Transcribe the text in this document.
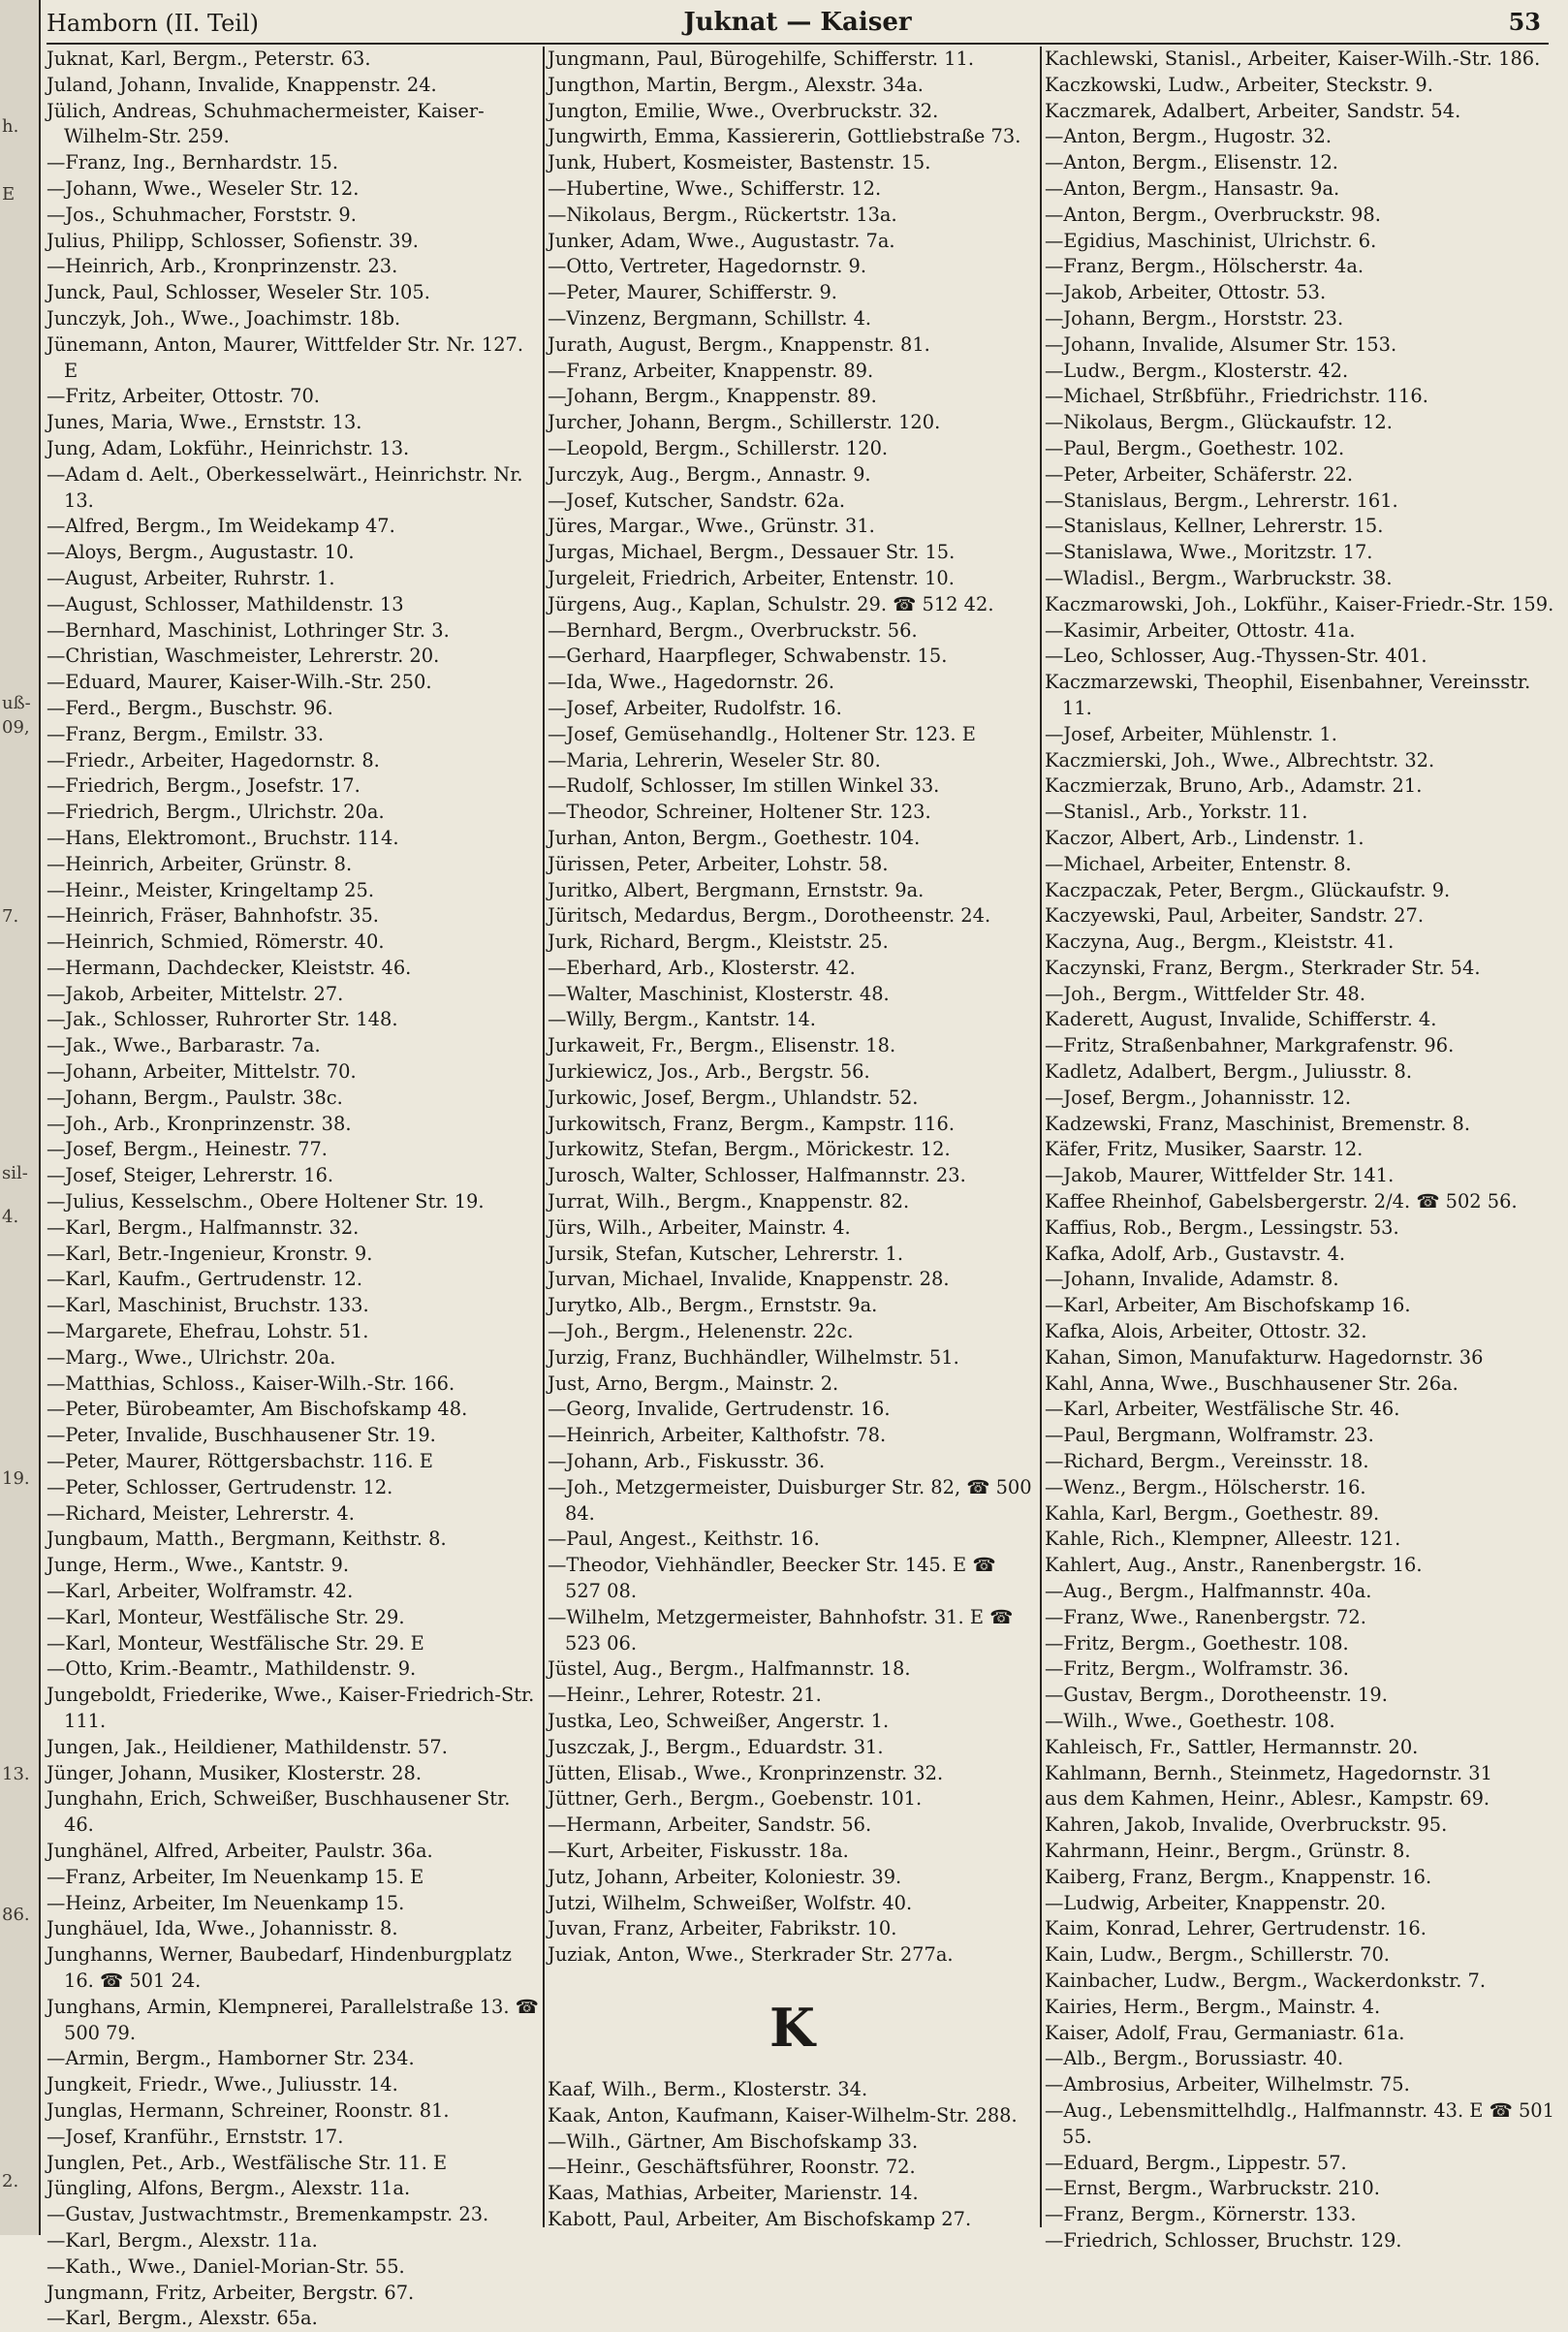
h.
E
uß-
09,
7.
sil-
4.
19.
13.
86.
2.
Hamborn (II. Teil)	Juknat — Kaiser	53
Juknat, Karl, Bergm., Peterstr. 63.
Juland, Johann, Invalide, Knappenstr. 24.
Jülich, Andreas, Schuhmachermeister, Kaiser-Wilhelm-Str. 259.
—Franz, Ing., Bernhardstr. 15.
—Johann, Wwe., Weseler Str. 12.
—Jos., Schuhmacher, Forststr. 9.
Julius, Philipp, Schlosser, Sofienstr. 39.
—Heinrich, Arb., Kronprinzenstr. 23.
Junck, Paul, Schlosser, Weseler Str. 105.
Junczyk, Joh., Wwe., Joachimstr. 18b.
Jünemann, Anton, Maurer, Wittfelder Str. Nr. 127. E
—Fritz, Arbeiter, Ottostr. 70.
Junes, Maria, Wwe., Ernststr. 13.
Jung, Adam, Lokführ., Heinrichstr. 13.
—Adam d. Aelt., Oberkesselwärt., Heinrichstr. Nr. 13.
—Alfred, Bergm., Im Weidekamp 47.
—Aloys, Bergm., Augustastr. 10.
—August, Arbeiter, Ruhrstr. 1.
—August, Schlosser, Mathildenstr. 13
—Bernhard, Maschinist, Lothringer Str. 3.
—Christian, Waschmeister, Lehrerstr. 20.
—Eduard, Maurer, Kaiser-Wilh.-Str. 250.
—Ferd., Bergm., Buschstr. 96.
—Franz, Bergm., Emilstr. 33.
—Friedr., Arbeiter, Hagedornstr. 8.
—Friedrich, Bergm., Josefstr. 17.
—Friedrich, Bergm., Ulrichstr. 20a.
—Hans, Elektromont., Bruchstr. 114.
—Heinrich, Arbeiter, Grünstr. 8.
—Heinr., Meister, Kringeltamp 25.
—Heinrich, Fräser, Bahnhofstr. 35.
—Heinrich, Schmied, Römerstr. 40.
—Hermann, Dachdecker, Kleiststr. 46.
—Jakob, Arbeiter, Mittelstr. 27.
—Jak., Schlosser, Ruhrorter Str. 148.
—Jak., Wwe., Barbarastr. 7a.
—Johann, Arbeiter, Mittelstr. 70.
—Johann, Bergm., Paulstr. 38c.
—Joh., Arb., Kronprinzenstr. 38.
—Josef, Bergm., Heinestr. 77.
—Josef, Steiger, Lehrerstr. 16.
—Julius, Kesselschm., Obere Holtener Str. 19.
—Karl, Bergm., Halfmannstr. 32.
—Karl, Betr.-Ingenieur, Kronstr. 9.
—Karl, Kaufm., Gertrudenstr. 12.
—Karl, Maschinist, Bruchstr. 133.
—Margarete, Ehefrau, Lohstr. 51.
—Marg., Wwe., Ulrichstr. 20a.
—Matthias, Schloss., Kaiser-Wilh.-Str. 166.
—Peter, Bürobeamter, Am Bischofskamp 48.
—Peter, Invalide, Buschhausener Str. 19.
—Peter, Maurer, Röttgersbachstr. 116. E
—Peter, Schlosser, Gertrudenstr. 12.
—Richard, Meister, Lehrerstr. 4.
Jungbaum, Matth., Bergmann, Keithstr. 8.
Junge, Herm., Wwe., Kantstr. 9.
—Karl, Arbeiter, Wolframstr. 42.
—Karl, Monteur, Westfälische Str. 29.
—Karl, Monteur, Westfälische Str. 29. E
—Otto, Krim.-Beamtr., Mathildenstr. 9.
Jungeboldt, Friederike, Wwe., Kaiser-Friedrich-Str. 111.
Jungen, Jak., Heildiener, Mathildenstr. 57.
Jünger, Johann, Musiker, Klosterstr. 28.
Junghahn, Erich, Schweißer, Buschhausener Str. 46.
Junghänel, Alfred, Arbeiter, Paulstr. 36a.
—Franz, Arbeiter, Im Neuenkamp 15. E
—Heinz, Arbeiter, Im Neuenkamp 15.
Junghäuel, Ida, Wwe., Johannisstr. 8.
Junghanns, Werner, Baubedarf, Hindenburgplatz 16. ☎ 501 24.
Junghans, Armin, Klempnerei, Parallelstraße 13. ☎ 500 79.
—Armin, Bergm., Hamborner Str. 234.
Jungkeit, Friedr., Wwe., Juliusstr. 14.
Junglas, Hermann, Schreiner, Roonstr. 81.
—Josef, Kranführ., Ernststr. 17.
Junglen, Pet., Arb., Westfälische Str. 11. E
Jüngling, Alfons, Bergm., Alexstr. 11a.
—Gustav, Justwachtmstr., Bremenkampstr. 23.
—Karl, Bergm., Alexstr. 11a.
—Kath., Wwe., Daniel-Morian-Str. 55.
Jungmann, Fritz, Arbeiter, Bergstr. 67.
—Karl, Bergm., Alexstr. 65a.
Jungmann, Paul, Bürogehilfe, Schifferstr. 11.
Jungthon, Martin, Bergm., Alexstr. 34a.
Jungton, Emilie, Wwe., Overbruckstr. 32.
Jungwirth, Emma, Kassiererin, Gottliebstraße 73.
Junk, Hubert, Kosmeister, Bastenstr. 15.
—Hubertine, Wwe., Schifferstr. 12.
—Nikolaus, Bergm., Rückertstr. 13a.
Junker, Adam, Wwe., Augustastr. 7a.
—Otto, Vertreter, Hagedornstr. 9.
—Peter, Maurer, Schifferstr. 9.
—Vinzenz, Bergmann, Schillstr. 4.
Jurath, August, Bergm., Knappenstr. 81.
—Franz, Arbeiter, Knappenstr. 89.
—Johann, Bergm., Knappenstr. 89.
Jurcher, Johann, Bergm., Schillerstr. 120.
—Leopold, Bergm., Schillerstr. 120.
Jurczyk, Aug., Bergm., Annastr. 9.
—Josef, Kutscher, Sandstr. 62a.
Jüres, Margar., Wwe., Grünstr. 31.
Jurgas, Michael, Bergm., Dessauer Str. 15.
Jurgeleit, Friedrich, Arbeiter, Entenstr. 10.
Jürgens, Aug., Kaplan, Schulstr. 29. ☎ 512 42.
—Bernhard, Bergm., Overbruckstr. 56.
—Gerhard, Haarpfleger, Schwabenstr. 15.
—Ida, Wwe., Hagedornstr. 26.
—Josef, Arbeiter, Rudolfstr. 16.
—Josef, Gemüsehandlg., Holtener Str. 123. E
—Maria, Lehrerin, Weseler Str. 80.
—Rudolf, Schlosser, Im stillen Winkel 33.
—Theodor, Schreiner, Holtener Str. 123.
Jurhan, Anton, Bergm., Goethestr. 104.
Jürissen, Peter, Arbeiter, Lohstr. 58.
Juritko, Albert, Bergmann, Ernststr. 9a.
Jüritsch, Medardus, Bergm., Dorotheenstr. 24.
Jurk, Richard, Bergm., Kleiststr. 25.
—Eberhard, Arb., Klosterstr. 42.
—Walter, Maschinist, Klosterstr. 48.
—Willy, Bergm., Kantstr. 14.
Jurkaweit, Fr., Bergm., Elisenstr. 18.
Jurkiewicz, Jos., Arb., Bergstr. 56.
Jurkowic, Josef, Bergm., Uhlandstr. 52.
Jurkowitsch, Franz, Bergm., Kampstr. 116.
Jurkowitz, Stefan, Bergm., Mörickestr. 12.
Jurosch, Walter, Schlosser, Halfmannstr. 23.
Jurrat, Wilh., Bergm., Knappenstr. 82.
Jürs, Wilh., Arbeiter, Mainstr. 4.
Jursik, Stefan, Kutscher, Lehrerstr. 1.
Jurvan, Michael, Invalide, Knappenstr. 28.
Jurytko, Alb., Bergm., Ernststr. 9a.
—Joh., Bergm., Helenenstr. 22c.
Jurzig, Franz, Buchhändler, Wilhelmstr. 51.
Just, Arno, Bergm., Mainstr. 2.
—Georg, Invalide, Gertrudenstr. 16.
—Heinrich, Arbeiter, Kalthofstr. 78.
—Johann, Arb., Fiskusstr. 36.
—Joh., Metzgermeister, Duisburger Str. 82, ☎ 500 84.
—Paul, Angest., Keithstr. 16.
—Theodor, Viehhändler, Beecker Str. 145. E ☎ 527 08.
—Wilhelm, Metzgermeister, Bahnhofstr. 31. E ☎ 523 06.
Jüstel, Aug., Bergm., Halfmannstr. 18.
—Heinr., Lehrer, Rotestr. 21.
Justka, Leo, Schweißer, Angerstr. 1.
Juszczak, J., Bergm., Eduardstr. 31.
Jütten, Elisab., Wwe., Kronprinzenstr. 32.
Jüttner, Gerh., Bergm., Goebenstr. 101.
—Hermann, Arbeiter, Sandstr. 56.
—Kurt, Arbeiter, Fiskusstr. 18a.
Jutz, Johann, Arbeiter, Koloniestr. 39.
Jutzi, Wilhelm, Schweißer, Wolfstr. 40.
Juvan, Franz, Arbeiter, Fabrikstr. 10.
Juziak, Anton, Wwe., Sterkrader Str. 277a.
K
Kaaf, Wilh., Berm., Klosterstr. 34.
Kaak, Anton, Kaufmann, Kaiser-Wilhelm-Str. 288.
—Wilh., Gärtner, Am Bischofskamp 33.
—Heinr., Geschäftsführer, Roonstr. 72.
Kaas, Mathias, Arbeiter, Marienstr. 14.
Kabott, Paul, Arbeiter, Am Bischofskamp 27.
Kachlewski, Stanisl., Arbeiter, Kaiser-Wilh.-Str. 186.
Kaczkowski, Ludw., Arbeiter, Steckstr. 9.
Kaczmarek, Adalbert, Arbeiter, Sandstr. 54.
—Anton, Bergm., Hugostr. 32.
—Anton, Bergm., Elisenstr. 12.
—Anton, Bergm., Hansastr. 9a.
—Anton, Bergm., Overbruckstr. 98.
—Egidius, Maschinist, Ulrichstr. 6.
—Franz, Bergm., Hölscherstr. 4a.
—Jakob, Arbeiter, Ottostr. 53.
—Johann, Bergm., Horststr. 23.
—Johann, Invalide, Alsumer Str. 153.
—Ludw., Bergm., Klosterstr. 42.
—Michael, Strßbführ., Friedrichstr. 116.
—Nikolaus, Bergm., Glückaufstr. 12.
—Paul, Bergm., Goethestr. 102.
—Peter, Arbeiter, Schäferstr. 22.
—Stanislaus, Bergm., Lehrerstr. 161.
—Stanislaus, Kellner, Lehrerstr. 15.
—Stanislawa, Wwe., Moritzstr. 17.
—Wladisl., Bergm., Warbruckstr. 38.
Kaczmarowski, Joh., Lokführ., Kaiser-Friedr.-Str. 159.
—Kasimir, Arbeiter, Ottostr. 41a.
—Leo, Schlosser, Aug.-Thyssen-Str. 401.
Kaczmarzewski, Theophil, Eisenbahner, Vereinsstr. 11.
—Josef, Arbeiter, Mühlenstr. 1.
Kaczmierski, Joh., Wwe., Albrechtstr. 32.
Kaczmierzak, Bruno, Arb., Adamstr. 21.
—Stanisl., Arb., Yorkstr. 11.
Kaczor, Albert, Arb., Lindenstr. 1.
—Michael, Arbeiter, Entenstr. 8.
Kaczpaczak, Peter, Bergm., Glückaufstr. 9.
Kaczyewski, Paul, Arbeiter, Sandstr. 27.
Kaczyna, Aug., Bergm., Kleiststr. 41.
Kaczynski, Franz, Bergm., Sterkrader Str. 54.
—Joh., Bergm., Wittfelder Str. 48.
Kaderett, August, Invalide, Schifferstr. 4.
—Fritz, Straßenbahner, Markgrafenstr. 96.
Kadletz, Adalbert, Bergm., Juliusstr. 8.
—Josef, Bergm., Johannisstr. 12.
Kadzewski, Franz, Maschinist, Bremenstr. 8.
Käfer, Fritz, Musiker, Saarstr. 12.
—Jakob, Maurer, Wittfelder Str. 141.
Kaffee Rheinhof, Gabelsbergerstr. 2/4. ☎ 502 56.
Kaffius, Rob., Bergm., Lessingstr. 53.
Kafka, Adolf, Arb., Gustavstr. 4.
—Johann, Invalide, Adamstr. 8.
—Karl, Arbeiter, Am Bischofskamp 16.
Kafka, Alois, Arbeiter, Ottostr. 32.
Kahan, Simon, Manufakturw. Hagedornstr. 36
Kahl, Anna, Wwe., Buschhausener Str. 26a.
—Karl, Arbeiter, Westfälische Str. 46.
—Paul, Bergmann, Wolframstr. 23.
—Richard, Bergm., Vereinsstr. 18.
—Wenz., Bergm., Hölscherstr. 16.
Kahla, Karl, Bergm., Goethestr. 89.
Kahle, Rich., Klempner, Alleestr. 121.
Kahlert, Aug., Anstr., Ranenbergstr. 16.
—Aug., Bergm., Halfmannstr. 40a.
—Franz, Wwe., Ranenbergstr. 72.
—Fritz, Bergm., Goethestr. 108.
—Fritz, Bergm., Wolframstr. 36.
—Gustav, Bergm., Dorotheenstr. 19.
—Wilh., Wwe., Goethestr. 108.
Kahleisch, Fr., Sattler, Hermannstr. 20.
Kahlmann, Bernh., Steinmetz, Hagedornstr. 31
aus dem Kahmen, Heinr., Ablesr., Kampstr. 69.
Kahren, Jakob, Invalide, Overbruckstr. 95.
Kahrmann, Heinr., Bergm., Grünstr. 8.
Kaiberg, Franz, Bergm., Knappenstr. 16.
—Ludwig, Arbeiter, Knappenstr. 20.
Kaim, Konrad, Lehrer, Gertrudenstr. 16.
Kain, Ludw., Bergm., Schillerstr. 70.
Kainbacher, Ludw., Bergm., Wackerdonkstr. 7.
Kairies, Herm., Bergm., Mainstr. 4.
Kaiser, Adolf, Frau, Germaniastr. 61a.
—Alb., Bergm., Borussiastr. 40.
—Ambrosius, Arbeiter, Wilhelmstr. 75.
—Aug., Lebensmittelhdlg., Halfmannstr. 43. E ☎ 501 55.
—Eduard, Bergm., Lippestr. 57.
—Ernst, Bergm., Warbruckstr. 210.
—Franz, Bergm., Körnerstr. 133.
—Friedrich, Schlosser, Bruchstr. 129.
